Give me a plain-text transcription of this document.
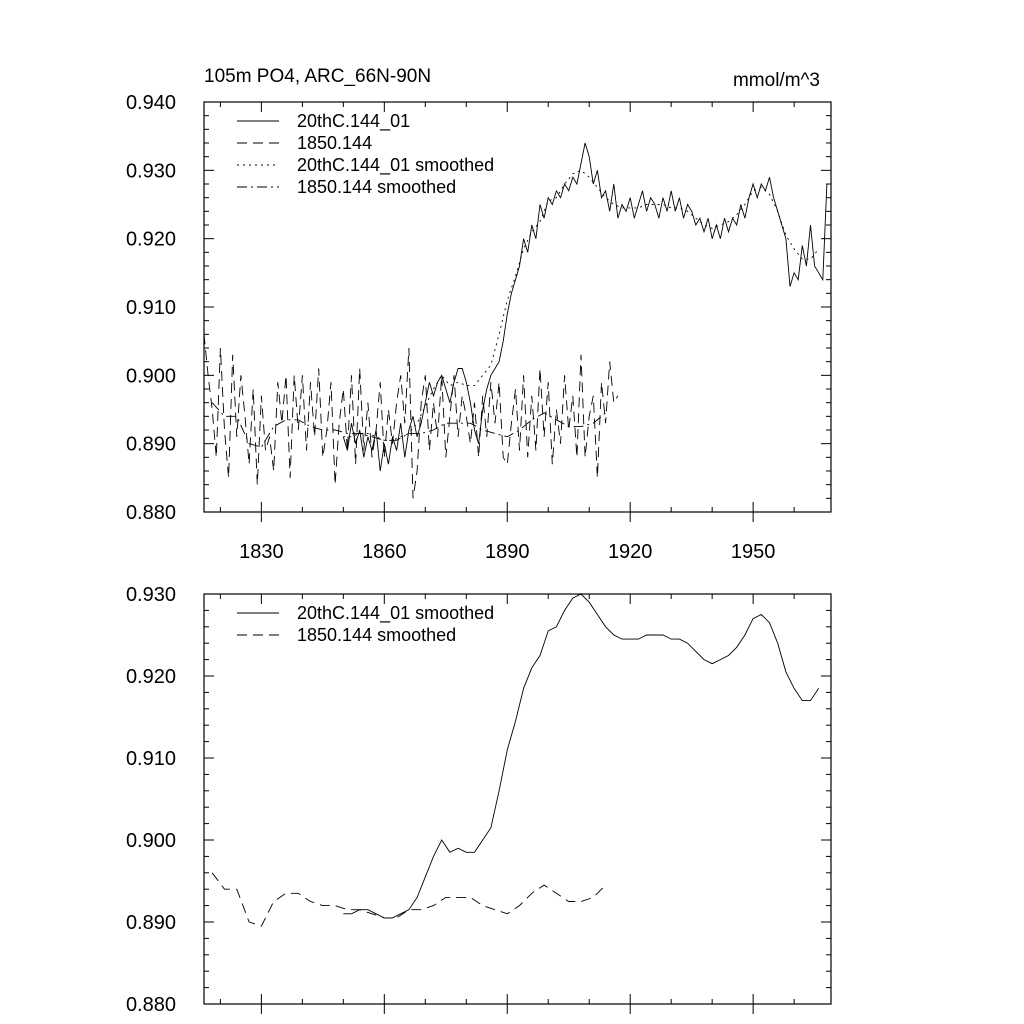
105m PO4, ARC_66N-90N	mmol/m^3
0.880
0.890
0.900
0.910
0.920
0.930
0.940
1830	1860	1890	1920	1950
20thC.144_01
1850.144
20thC.144_01 smoothed
1850.144 smoothed
0.880
0.890
0.900
0.910
0.920
0.930
20thC.144_01 smoothed
1850.144 smoothed
